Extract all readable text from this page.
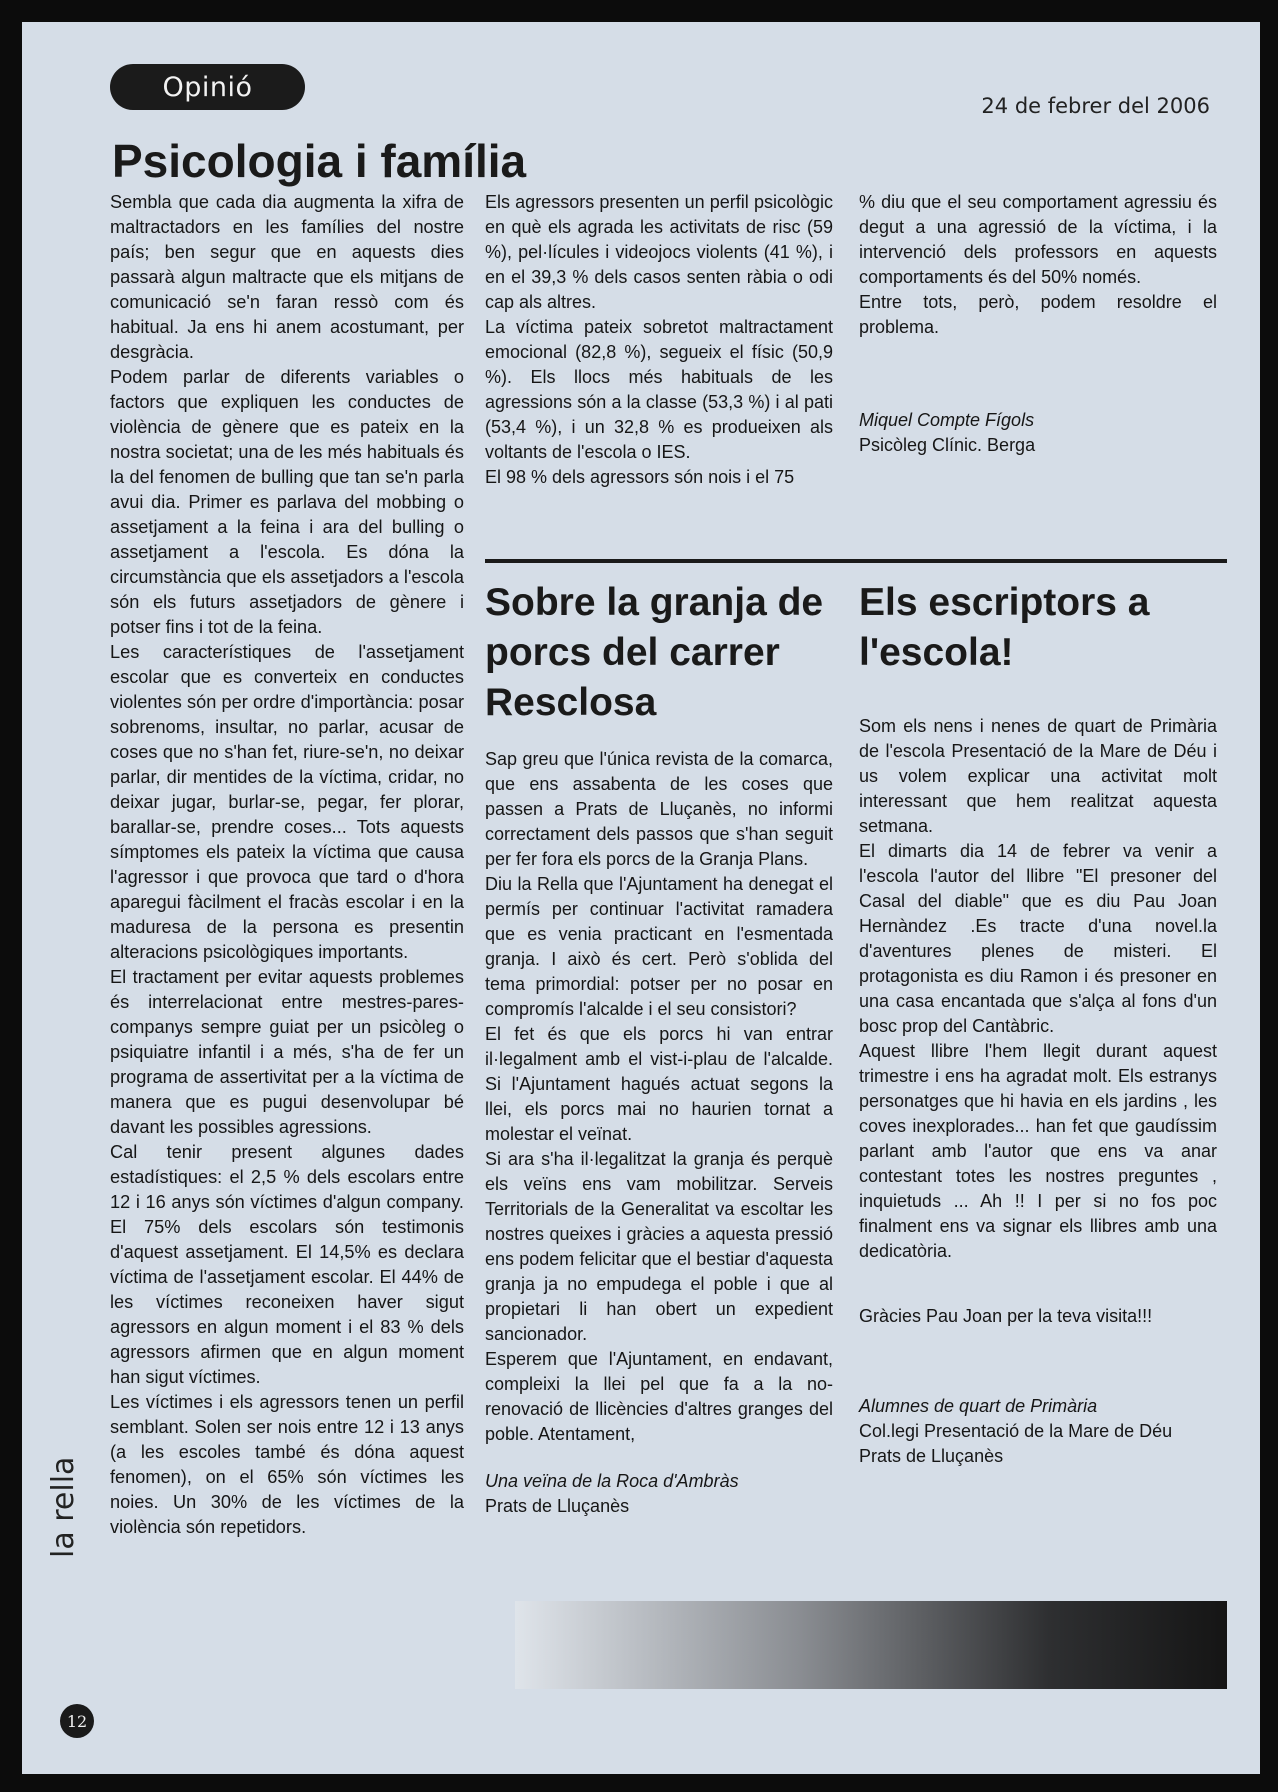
Opinió
24 de febrer del 2006
Psicologia i família

Sembla que cada dia augmenta la xifra de maltractadors en les famílies del nostre país; ben segur que en aquests dies passarà algun maltracte que els mitjans de comunicació se'n faran ressò com és habitual. Ja ens hi anem acostumant, per desgràcia.

Podem parlar de diferents variables o factors que expliquen les conductes de violència de gènere que es pateix en la nostra societat; una de les més habituals és la del fenomen de bulling que tan se'n parla avui dia. Primer es parlava del mobbing o assetjament a la feina i ara del bulling o assetjament a l'escola. Es dóna la circumstància que els assetjadors a l'escola són els futurs assetjadors de gènere i potser fins i tot de la feina.

Les característiques de l'assetjament escolar que es converteix en conductes violentes són per ordre d'importància: posar sobrenoms, insultar, no parlar, acusar de coses que no s'han fet, riure-se'n, no deixar parlar, dir mentides de la víctima, cridar, no deixar jugar, burlar-se, pegar, fer plorar, barallar-se, prendre coses... Tots aquests símptomes els pateix la víctima que causa l'agressor i que provoca que tard o d'hora aparegui fàcilment el fracàs escolar i en la maduresa de la persona es presentin alteracions psicològiques importants.

El tractament per evitar aquests problemes és interrelacionat entre mestres-pares-companys sempre guiat per un psicòleg o psiquiatre infantil i a més, s'ha de fer un programa de assertivitat per a la víctima de manera que es pugui desenvolupar bé davant les possibles agressions.

Cal tenir present algunes dades estadístiques: el 2,5 % dels escolars entre 12 i 16 anys són víctimes d'algun company. El 75% dels escolars són testimonis d'aquest assetjament. El 14,5% es declara víctima de l'assetjament escolar. El 44% de les víctimes reconeixen haver sigut agressors en algun moment i el 83 % dels agressors afirmen que en algun moment han sigut víctimes.

Les víctimes i els agressors tenen un perfil semblant. Solen ser nois entre 12 i 13 anys (a les escoles també és dóna aquest fenomen), on el 65% són víctimes les noies. Un 30% de les víctimes de la violència són repetidors.

Els agressors presenten un perfil psicològic en què els agrada les activitats de risc (59 %), pel·lícules i videojocs violents (41 %), i en el 39,3 % dels casos senten ràbia o odi cap als altres.

La víctima pateix sobretot maltractament emocional (82,8 %), segueix el físic (50,9 %). Els llocs més habituals de les agressions són a la classe (53,3 %) i al pati (53,4 %), i un 32,8 % es produeixen als voltants de l'escola o IES.

El 98 % dels agressors són nois i el 75

% diu que el seu comportament agressiu és degut a una agressió de la víctima, i la intervenció dels professors en aquests comportaments és del 50% només.

Entre tots, però, podem resoldre el problema.

Miquel Compte Fígols

Psicòleg Clínic. Berga

Sobre la granja de porcs del carrer Resclosa
Els escriptors a l'escola!

Sap greu que l'única revista de la comarca, que ens assabenta de les coses que passen a Prats de Lluçanès, no informi correctament dels passos que s'han seguit per fer fora els porcs de la Granja Plans.

Diu la Rella que l'Ajuntament ha denegat el permís per continuar l'activitat ramadera que es venia practicant en l'esmentada granja. I això és cert. Però s'oblida del tema primordial: potser per no posar en compromís l'alcalde i el seu consistori?

El fet és que els porcs hi van entrar il·legalment amb el vist-i-plau de l'alcalde. Si l'Ajuntament hagués actuat segons la llei, els porcs mai no haurien tornat a molestar el veïnat.

Si ara s'ha il·legalitzat la granja és perquè els veïns ens vam mobilitzar. Serveis Territorials de la Generalitat va escoltar les nostres queixes i gràcies a aquesta pressió ens podem felicitar que el bestiar d'aquesta granja ja no empudega el poble i que al propietari li han obert un expedient sancionador.

Esperem que l'Ajuntament, en endavant, compleixi la llei pel que fa a la no-renovació de llicències d'altres granges del poble. Atentament,

Una veïna de la Roca d'Ambràs

Prats de Lluçanès

Som els nens i nenes de quart de Primària de l'escola Presentació de la Mare de Déu i us volem explicar una activitat molt interessant que hem realitzat aquesta setmana.

El dimarts dia 14 de febrer va venir a l'escola l'autor del llibre "El presoner del Casal del diable" que es diu Pau Joan Hernàndez .Es tracte d'una novel.la d'aventures plenes de misteri. El protagonista es diu Ramon i és presoner en una casa encantada que s'alça al fons d'un bosc prop del Cantàbric.

Aquest llibre l'hem llegit durant aquest trimestre i ens ha agradat molt. Els estranys personatges que hi havia en els jardins , les coves inexplorades... han fet que gaudíssim parlant amb l'autor que ens va anar contestant totes les nostres preguntes , inquietuds ... Ah !! I per si no fos poc finalment ens va signar els llibres amb una dedicatòria.

Gràcies Pau Joan per la teva visita!!!

Alumnes de quart de Primària

Col.legi Presentació de la Mare de Déu

Prats de Lluçanès

la rella
12
